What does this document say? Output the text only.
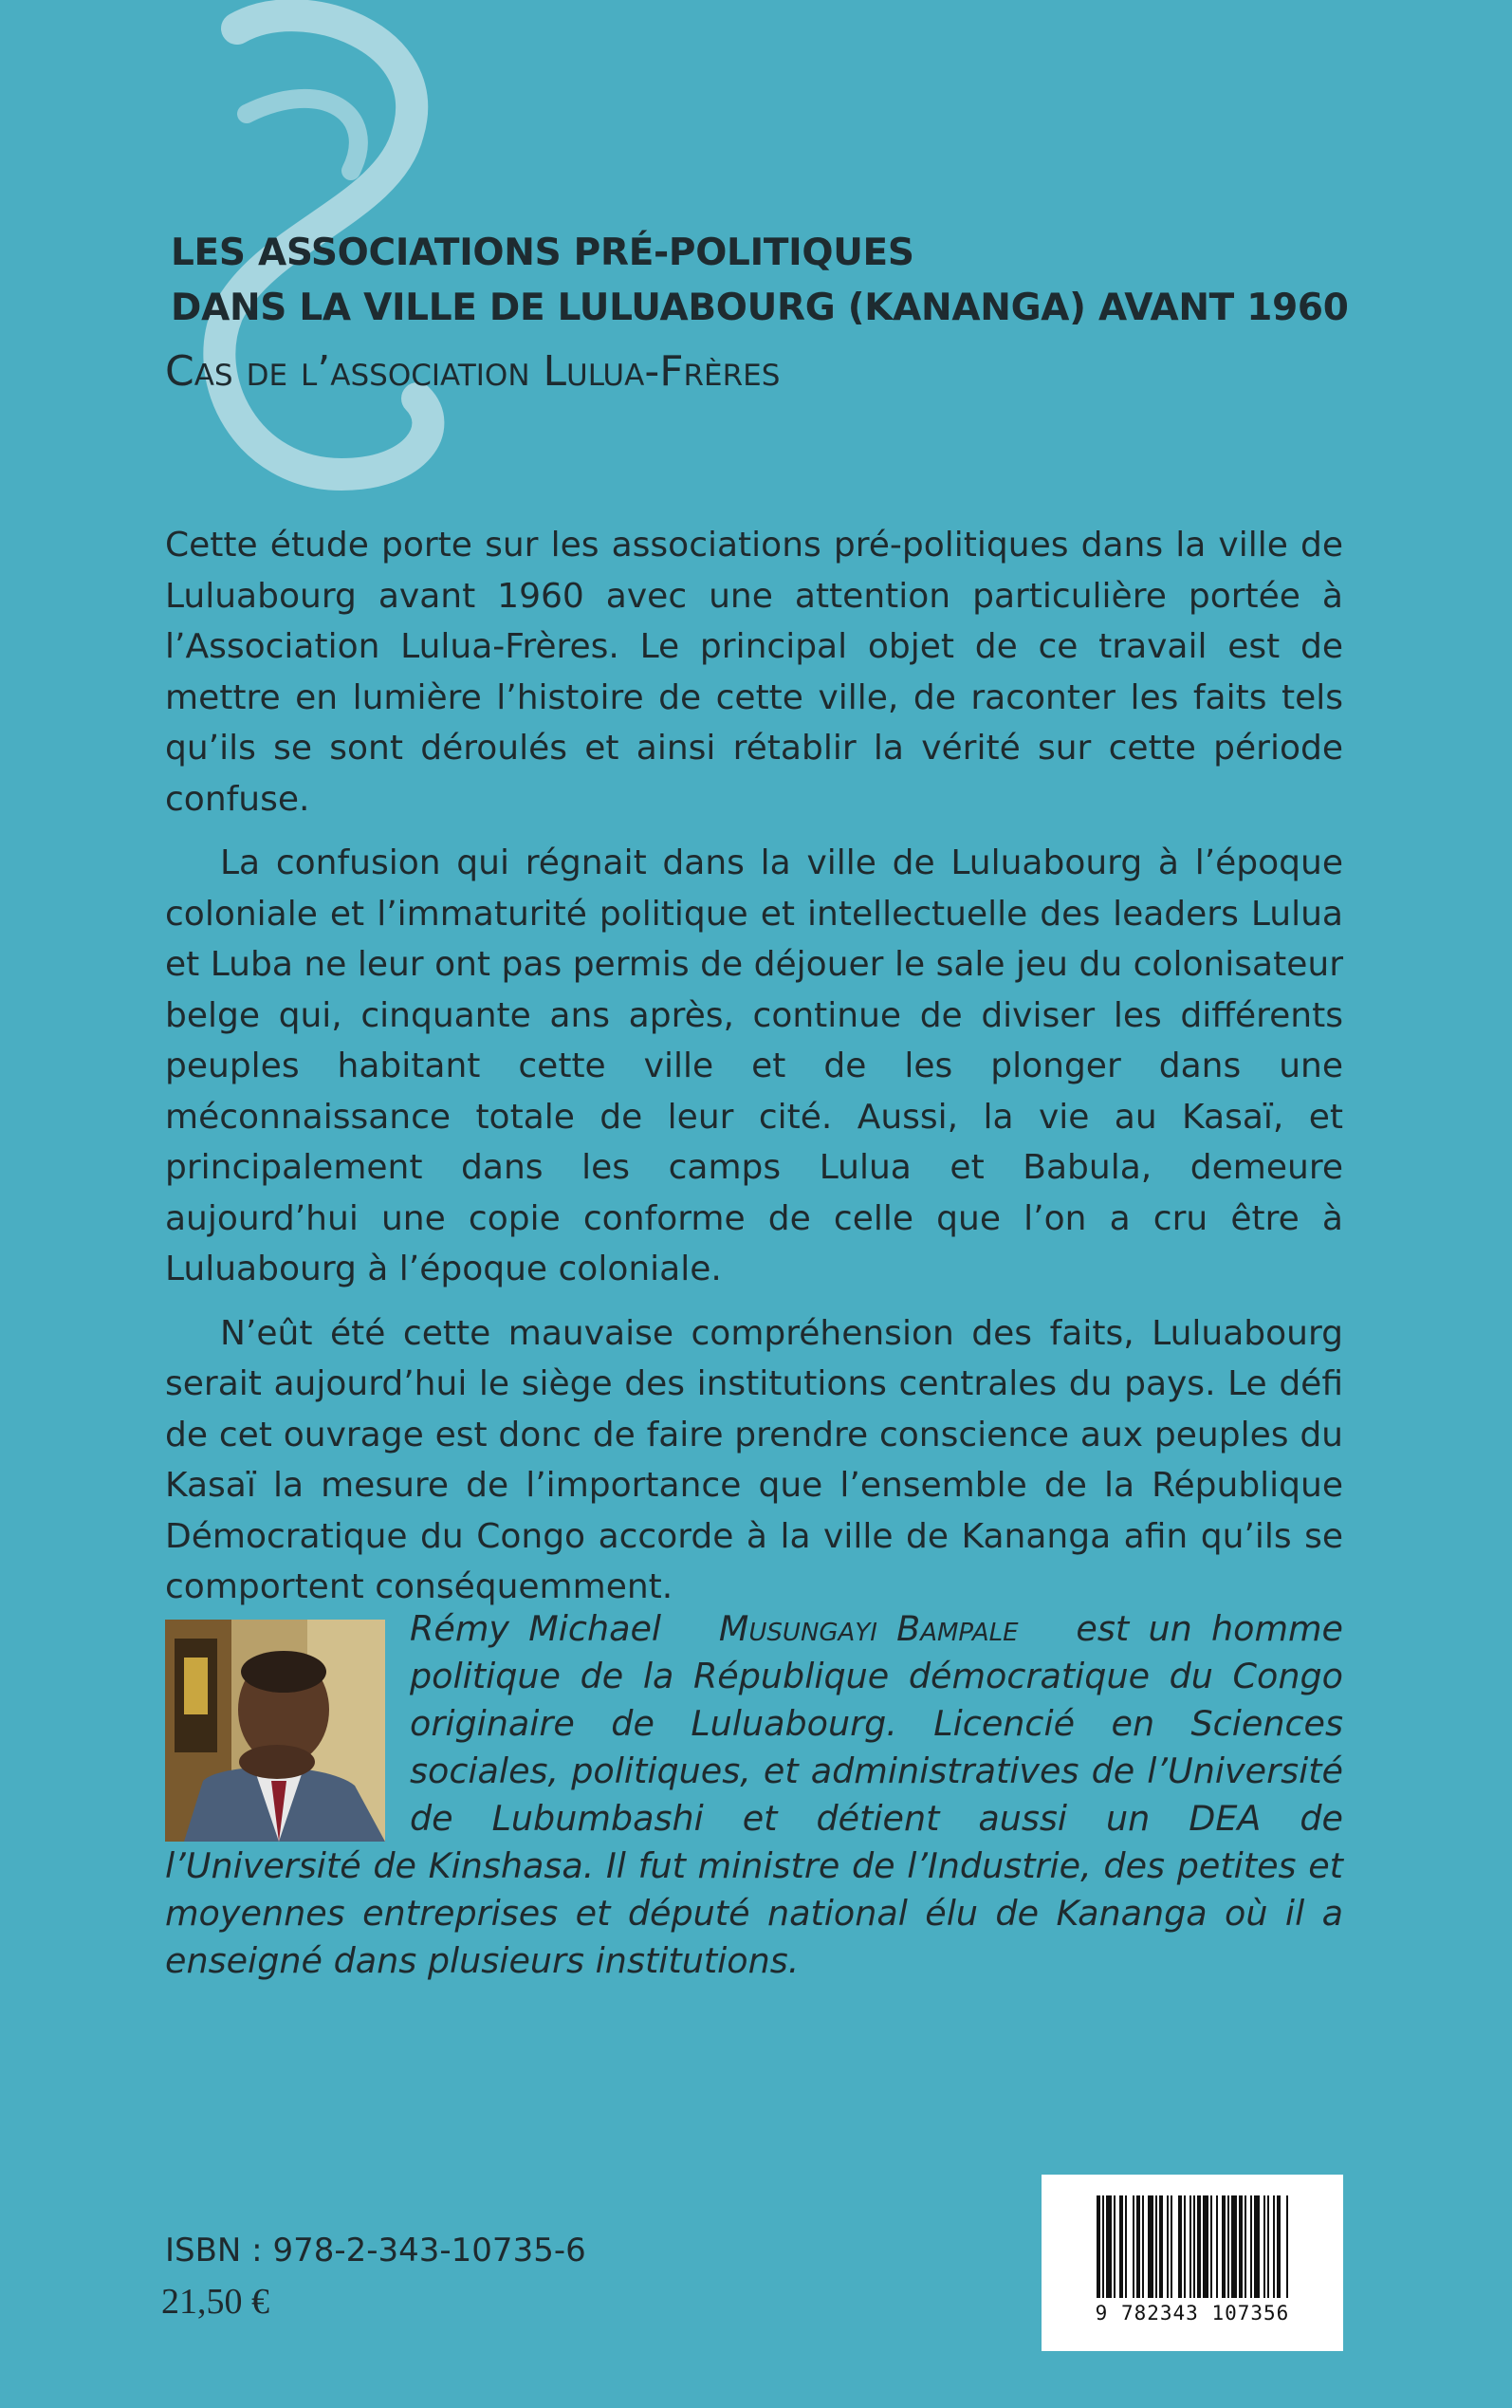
LES ASSOCIATIONS PRÉ-POLITIQUES
DANS LA VILLE DE LULUABOURG (KANANGA) AVANT 1960
Cas de l’association Lulua-Frères

Cette étude porte sur les associations pré-politiques dans la ville de Luluabourg avant 1960 avec une attention particulière portée à l’Association Lulua-Frères. Le principal objet de ce travail est de mettre en lumière l’histoire de cette ville, de raconter les faits tels qu’ils se sont déroulés et ainsi rétablir la vérité sur cette période confuse.

La confusion qui régnait dans la ville de Luluabourg à l’époque coloniale et l’immaturité politique et intellectuelle des leaders Lulua et Luba ne leur ont pas permis de déjouer le sale jeu du colonisateur belge qui, cinquante ans après, continue de diviser les différents peuples habitant cette ville et de les plonger dans une méconnaissance totale de leur cité. Aussi, la vie au Kasaï, et principalement dans les camps Lulua et Babula, demeure aujourd’hui une copie conforme de celle que l’on a cru être à Luluabourg à l’époque coloniale.

N’eût été cette mauvaise compréhension des faits, Luluabourg serait aujourd’hui le siège des institutions centrales du pays. Le défi de cet ouvrage est donc de faire prendre conscience aux peuples du Kasaï la mesure de l’importance que l’ensemble de la République Démocratique du Congo accorde à la ville de Kananga afin qu’ils se comportent conséquemment.

Rémy Michael Musungayi Bampale est un homme politique de la République démocratique du Congo originaire de Luluabourg. Licencié en Sciences sociales, politiques, et administratives de l’Université de Lubumbashi et détient aussi un DEA de l’Université de Kinshasa. Il fut ministre de l’Industrie, des petites et moyennes entreprises et député national élu de Kananga où il a enseigné dans plusieurs institutions.

ISBN : 978-2-343-10735-6
21,50 €	9 782343 107356
